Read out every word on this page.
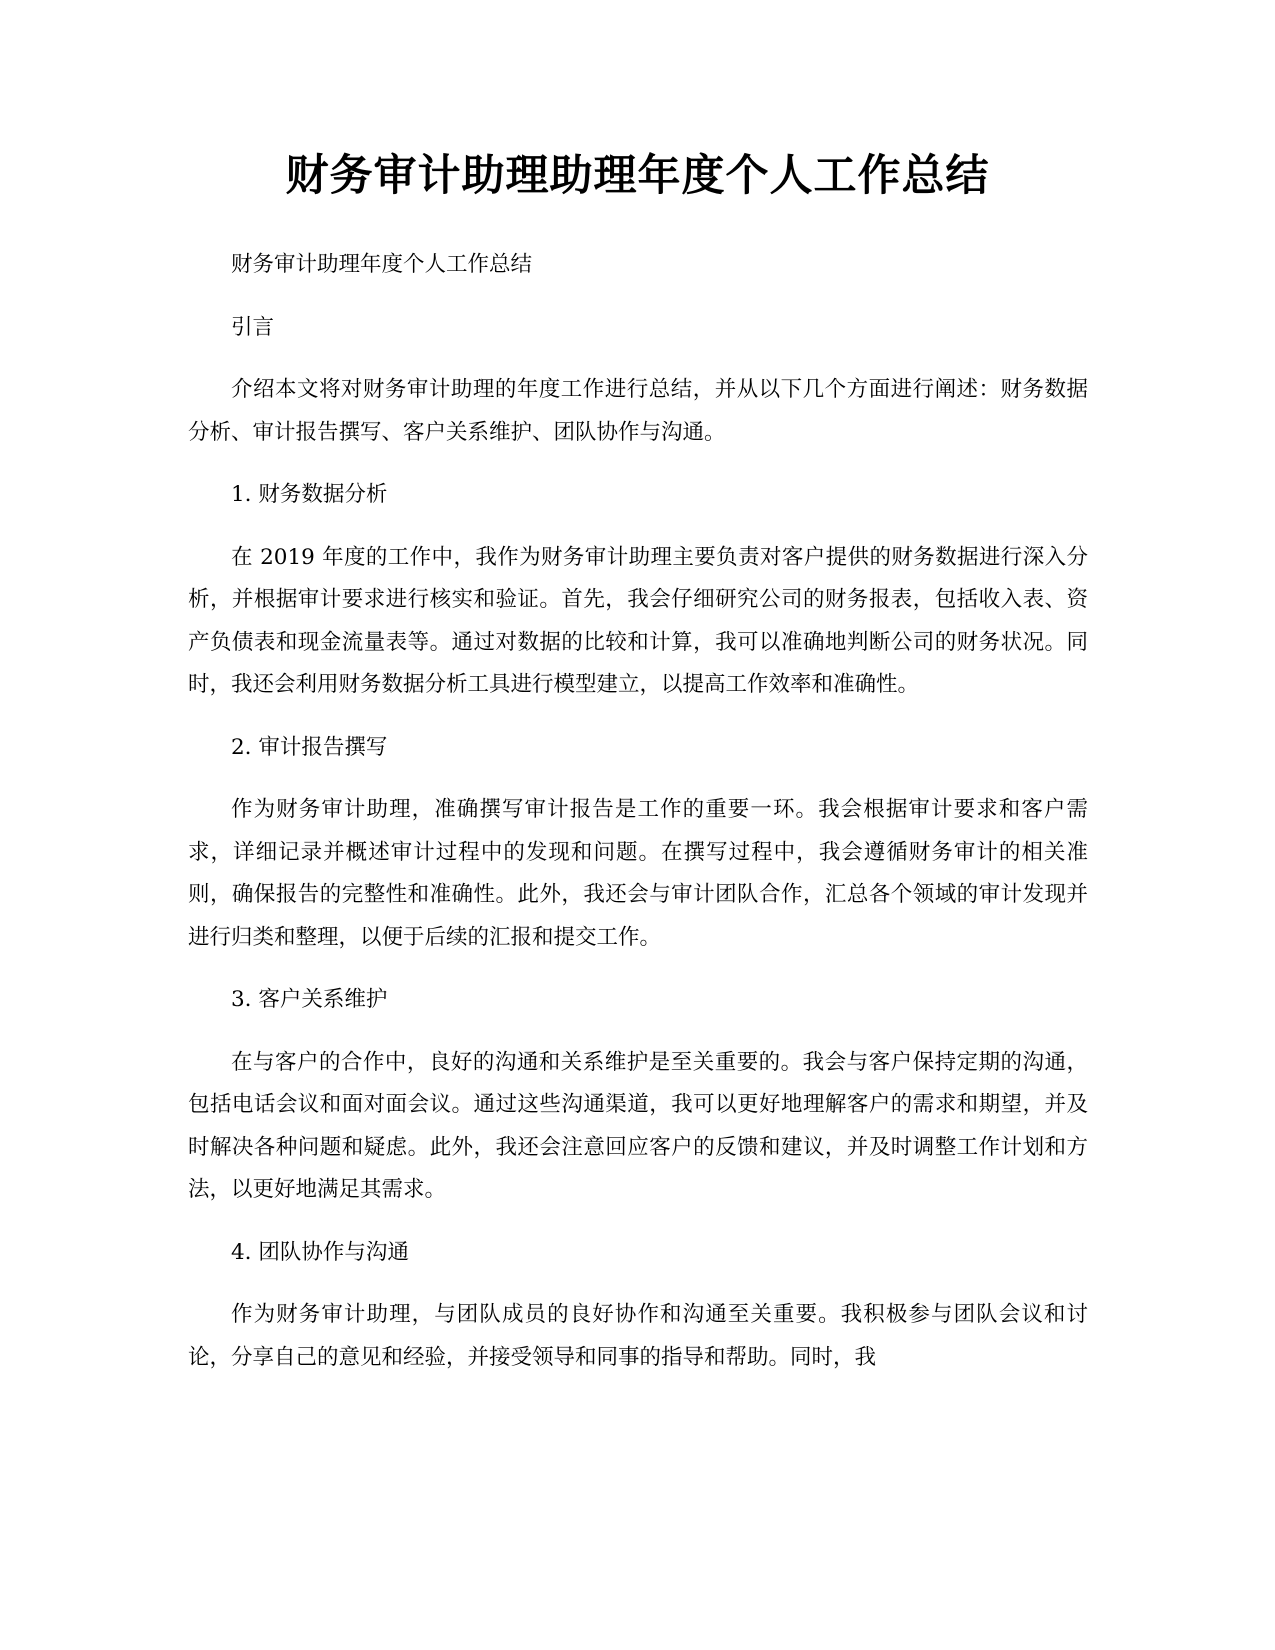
财务审计助理助理年度个人工作总结

财务审计助理年度个人工作总结

引言

介绍本文将对财务审计助理的年度工作进行总结，并从以下几个方面进行阐述：财务数据分析、审计报告撰写、客户关系维护、团队协作与沟通。

1. 财务数据分析

在 2019 年度的工作中，我作为财务审计助理主要负责对客户提供的财务数据进行深入分析，并根据审计要求进行核实和验证。首先，我会仔细研究公司的财务报表，包括收入表、资产负债表和现金流量表等。通过对数据的比较和计算，我可以准确地判断公司的财务状况。同时，我还会利用财务数据分析工具进行模型建立，以提高工作效率和准确性。

2. 审计报告撰写

作为财务审计助理，准确撰写审计报告是工作的重要一环。我会根据审计要求和客户需求，详细记录并概述审计过程中的发现和问题。在撰写过程中，我会遵循财务审计的相关准则，确保报告的完整性和准确性。此外，我还会与审计团队合作，汇总各个领域的审计发现并进行归类和整理，以便于后续的汇报和提交工作。

3. 客户关系维护

在与客户的合作中，良好的沟通和关系维护是至关重要的。我会与客户保持定期的沟通，包括电话会议和面对面会议。通过这些沟通渠道，我可以更好地理解客户的需求和期望，并及时解决各种问题和疑虑。此外，我还会注意回应客户的反馈和建议，并及时调整工作计划和方法，以更好地满足其需求。

4. 团队协作与沟通

作为财务审计助理，与团队成员的良好协作和沟通至关重要。我积极参与团队会议和讨论，分享自己的意见和经验，并接受领导和同事的指导和帮助。同时，我
